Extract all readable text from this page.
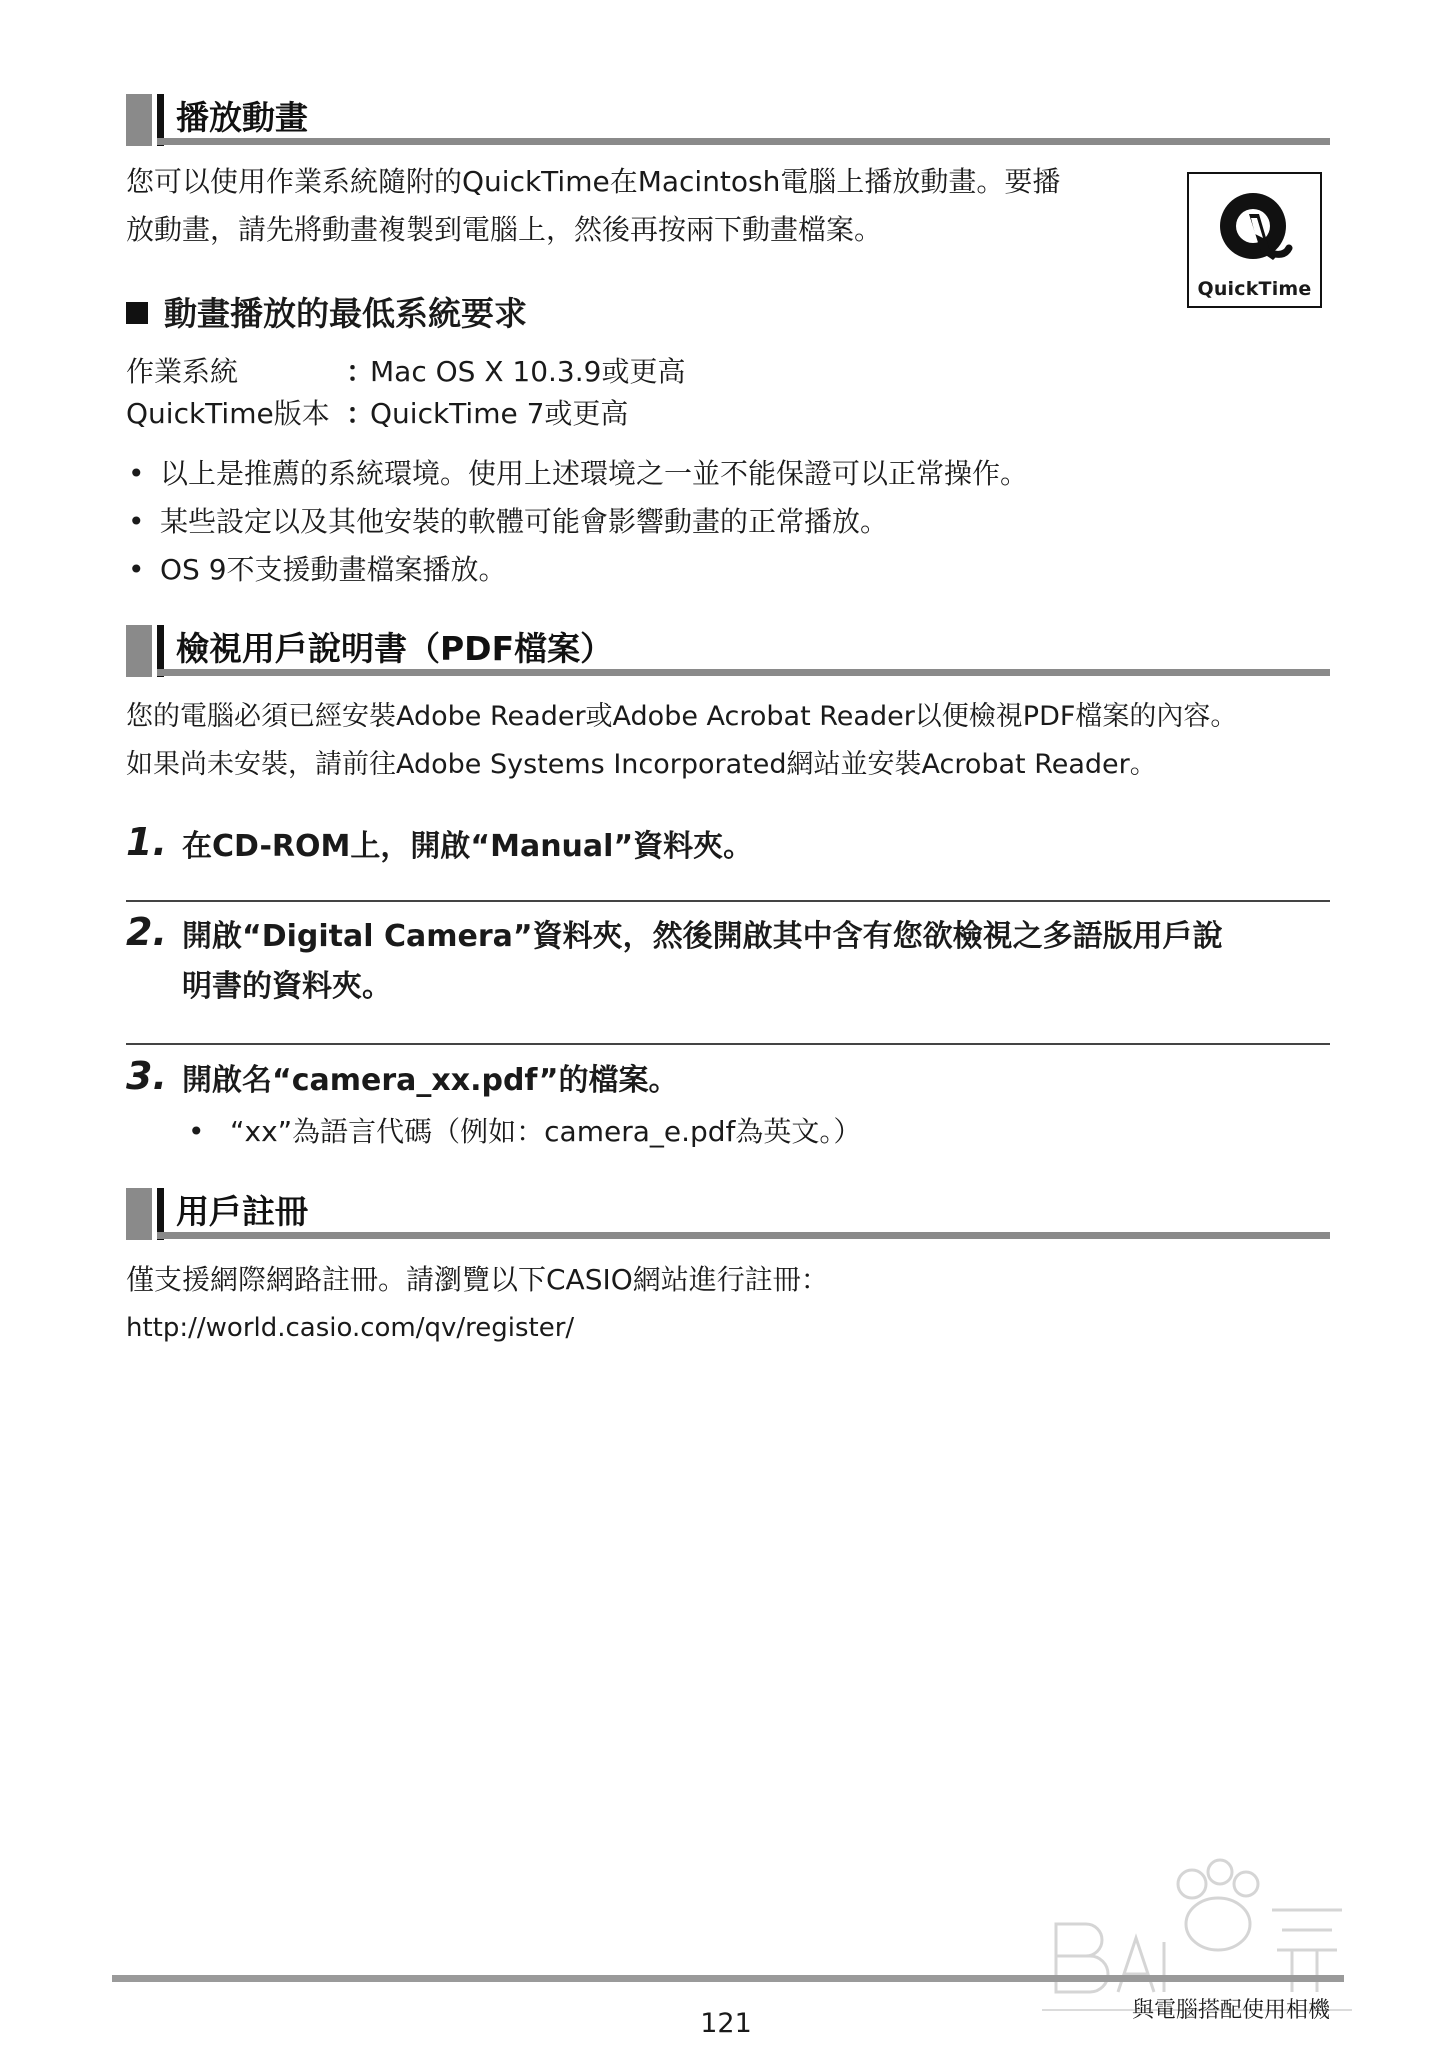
播放動畫
您可以使用作業系統隨附的QuickTime在Macintosh電腦上播放動畫。要播
放動畫，請先將動畫複製到電腦上，然後再按兩下動畫檔案。
QuickTime
動畫播放的最低系統要求
作業系統	：Mac OS X 10.3.9或更高
QuickTime版本 ：QuickTime 7或更高
• 以上是推薦的系統環境。使用上述環境之一並不能保證可以正常操作。
• 某些設定以及其他安裝的軟體可能會影響動畫的正常播放。
• OS 9不支援動畫檔案播放。
檢視用戶說明書（PDF檔案）
您的電腦必須已經安裝Adobe Reader或Adobe Acrobat Reader以便檢視PDF檔案的內容。
如果尚未安裝，請前往Adobe Systems Incorporated網站並安裝Acrobat Reader。
1. 在CD-ROM上，開啟“Manual”資料夾。
2. 開啟“Digital Camera”資料夾，然後開啟其中含有您欲檢視之多語版用戶說
明書的資料夾。
3. 開啟名“camera_xx.pdf”的檔案。
• “xx”為語言代碼（例如：camera_e.pdf為英文。）
用戶註冊
僅支援網際網路註冊。請瀏覽以下CASIO網站進行註冊：
http://world.casio.com/qv/register/
121	與電腦搭配使用相機
